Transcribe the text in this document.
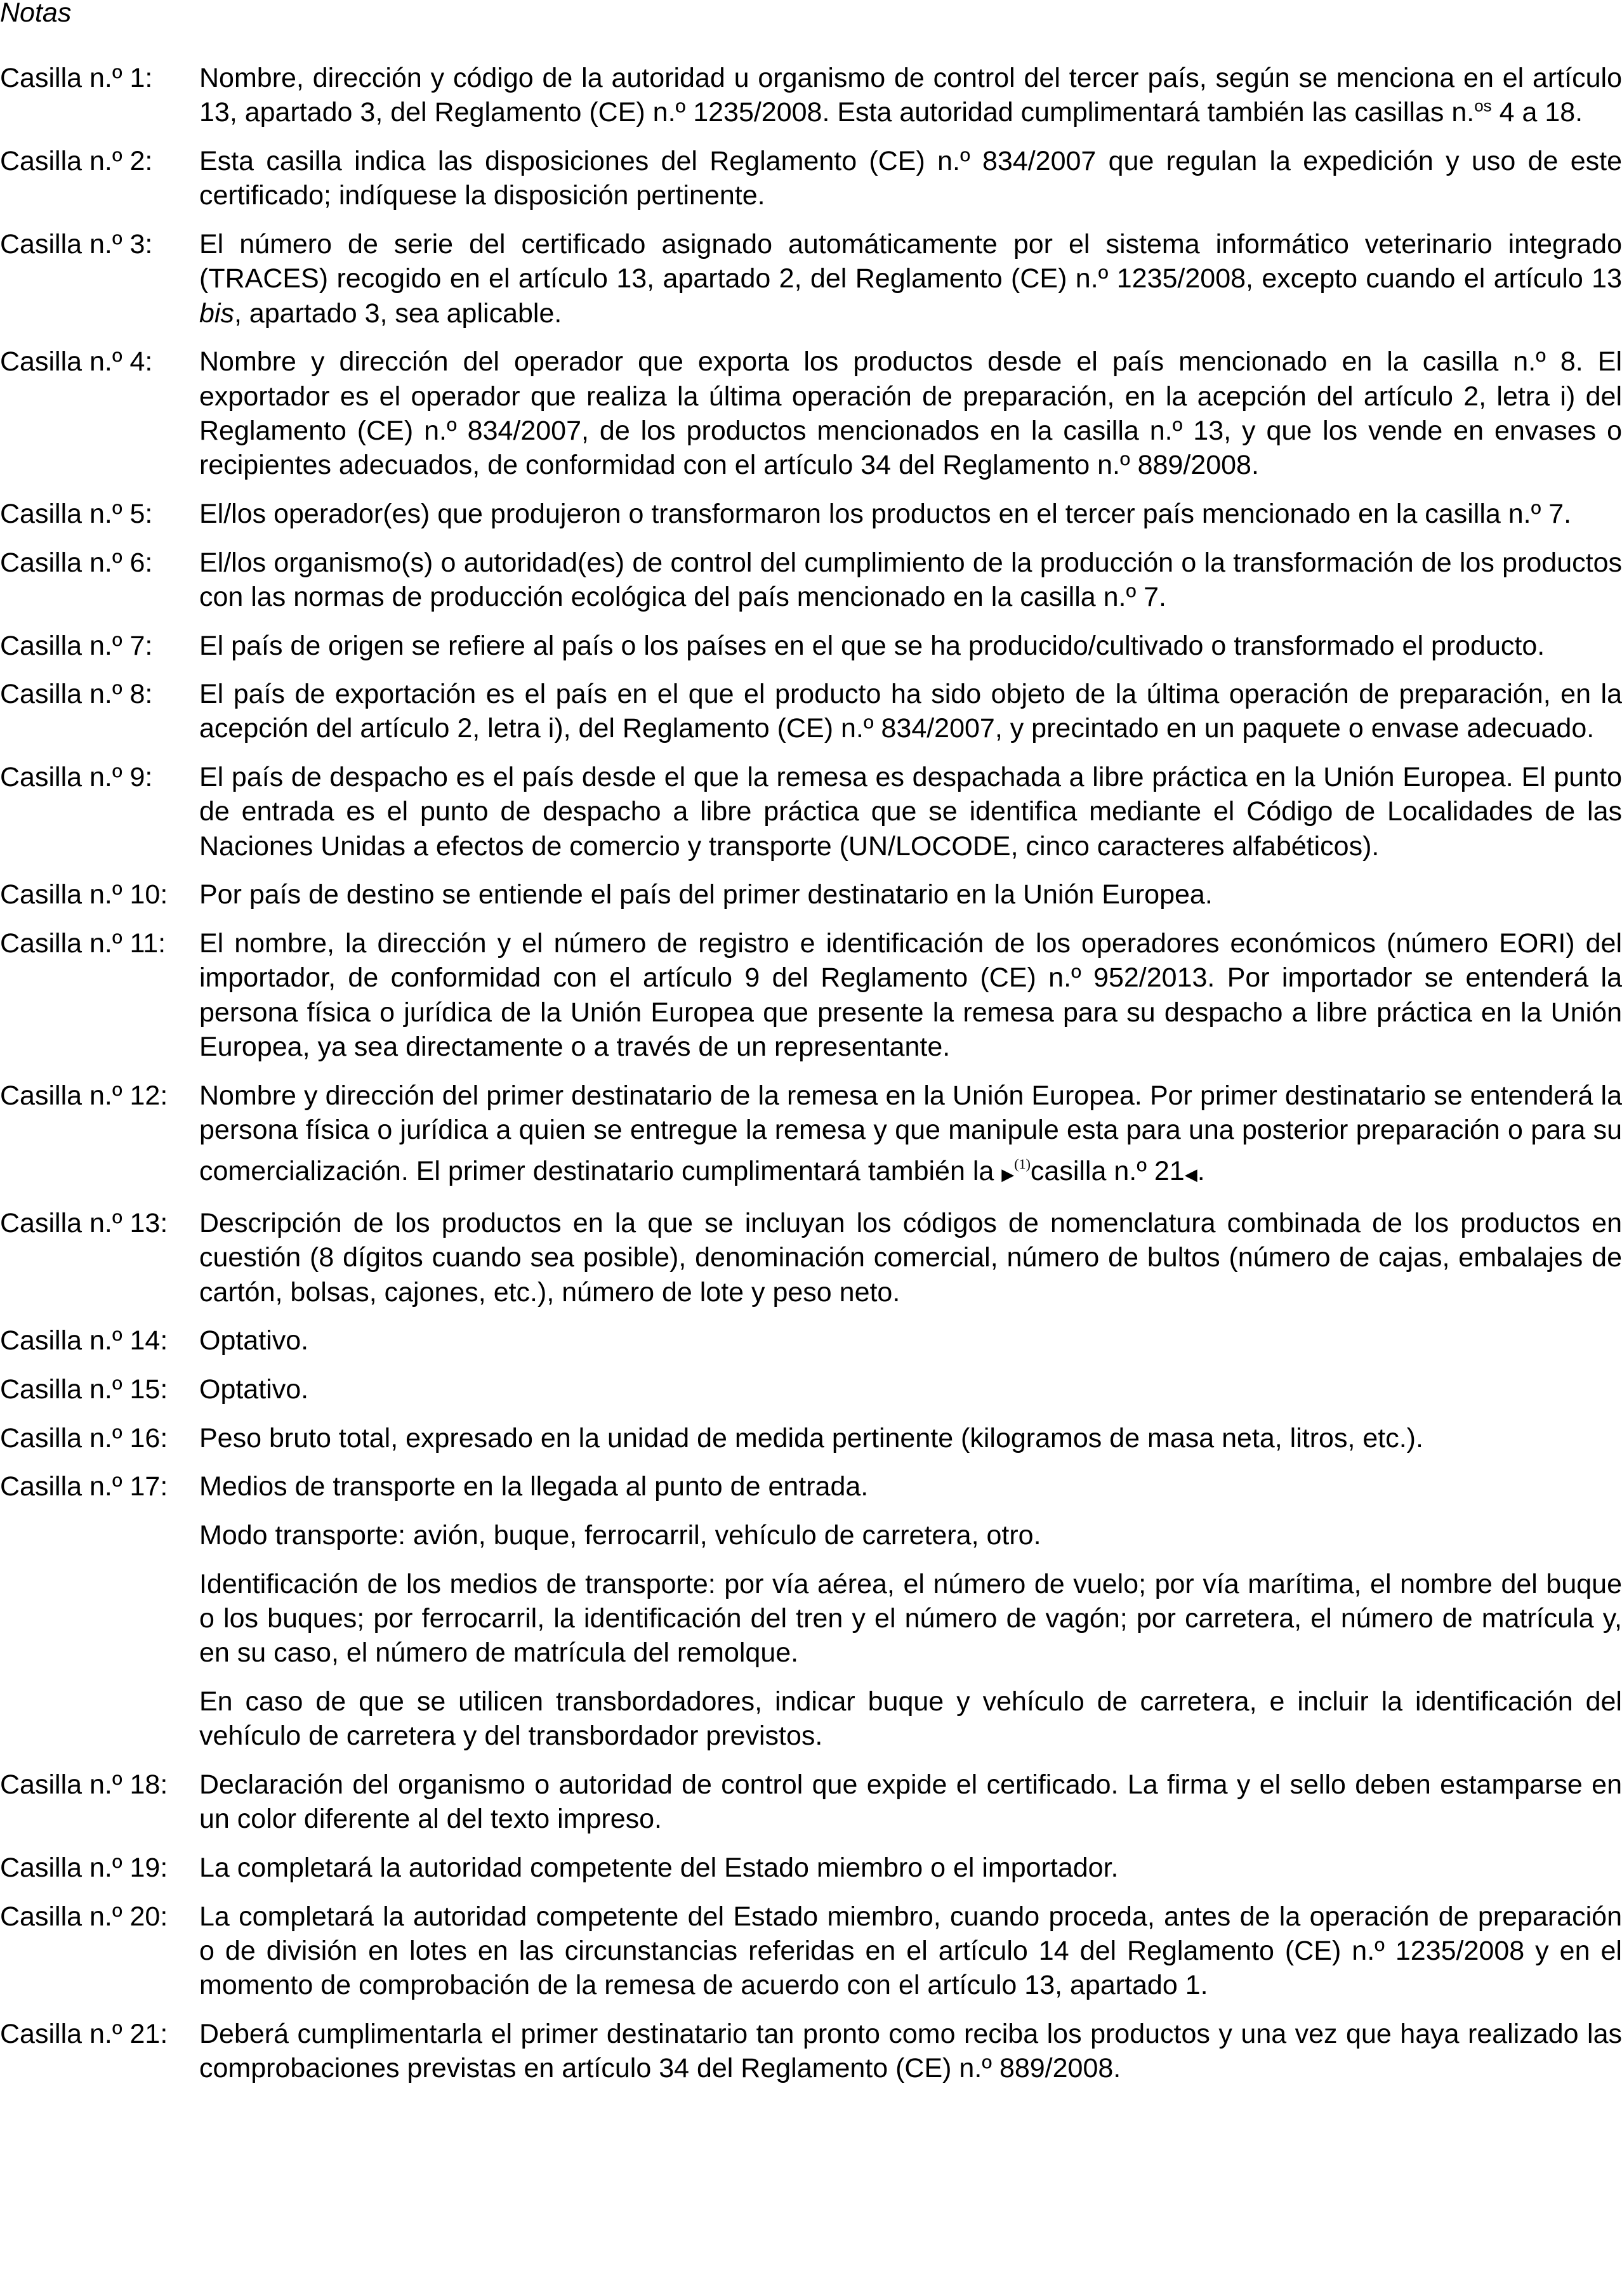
Notas
Casilla n.º 1:	Nombre, dirección y código de la autoridad u organismo de control del tercer país, según se menciona en el artículo 13, apartado 3, del Reglamento (CE) n.º 1235/2008. Esta autoridad cumplimentará también las casillas n.$^{os}$ 4 a 18.

Casilla n.º 2:	Esta casilla indica las disposiciones del Reglamento (CE) n.º 834/2007 que regulan la expedición y uso de este certificado; indíquese la disposición pertinente.

Casilla n.º 3:	El número de serie del certificado asignado automáticamente por el sistema informático veterinario integrado (TRACES) recogido en el artículo 13, apartado 2, del Reglamento (CE) n.º 1235/2008, excepto cuando el artículo 13 bis, apartado 3, sea aplicable.

Casilla n.º 4:	Nombre y dirección del operador que exporta los productos desde el país mencionado en la casilla n.º 8. El exportador es el operador que realiza la última operación de preparación, en la acepción del artículo 2, letra i) del Reglamento (CE) n.º 834/2007, de los productos mencionados en la casilla n.º 13, y que los vende en envases o recipientes adecuados, de conformidad con el artículo 34 del Reglamento n.º 889/2008.

Casilla n.º 5:	El/los operador(es) que produjeron o transformaron los productos en el tercer país mencionado en la casilla n.º 7.

Casilla n.º 6:	El/los organismo(s) o autoridad(es) de control del cumplimiento de la producción o la transformación de los productos con las normas de producción ecológica del país mencionado en la casilla n.º 7.

Casilla n.º 7:	El país de origen se refiere al país o los países en el que se ha producido/cultivado o transformado el producto.

Casilla n.º 8:	El país de exportación es el país en el que el producto ha sido objeto de la última operación de preparación, en la acepción del artículo 2, letra i), del Reglamento (CE) n.º 834/2007, y precintado en un paquete o envase adecuado.

Casilla n.º 9:	El país de despacho es el país desde el que la remesa es despachada a libre práctica en la Unión Europea. El punto de entrada es el punto de despacho a libre práctica que se identifica mediante el Código de Localidades de las Naciones Unidas a efectos de comercio y transporte (UN/LOCODE, cinco caracteres alfabéticos).

Casilla n.º 10:	Por país de destino se entiende el país del primer destinatario en la Unión Europea.

Casilla n.º 11:	El nombre, la dirección y el número de registro e identificación de los operadores económicos (número EORI) del importador, de conformidad con el artículo 9 del Reglamento (CE) n.º 952/2013. Por importador se entenderá la persona física o jurídica de la Unión Europea que presente la remesa para su despacho a libre práctica en la Unión Europea, ya sea directamente o a través de un representante.

Casilla n.º 12:	Nombre y dirección del primer destinatario de la remesa en la Unión Europea. Por primer destinatario se entenderá la persona física o jurídica a quien se entregue la remesa y que manipule esta para una posterior preparación o para su comercialización. El primer destinatario cumplimentará también la ▶$^{(1)}$casilla n.º 21◀.

Casilla n.º 13:	Descripción de los productos en la que se incluyan los códigos de nomenclatura combinada de los productos en cuestión (8 dígitos cuando sea posible), denominación comercial, número de bultos (número de cajas, embalajes de cartón, bolsas, cajones, etc.), número de lote y peso neto.

Casilla n.º 14:	Optativo.

Casilla n.º 15:	Optativo.

Casilla n.º 16:	Peso bruto total, expresado en la unidad de medida pertinente (kilogramos de masa neta, litros, etc.).

Casilla n.º 17:	Medios de transporte en la llegada al punto de entrada.

Modo transporte: avión, buque, ferrocarril, vehículo de carretera, otro.

Identificación de los medios de transporte: por vía aérea, el número de vuelo; por vía marítima, el nombre del buque o los buques; por ferrocarril, la identificación del tren y el número de vagón; por carretera, el número de matrícula y, en su caso, el número de matrícula del remolque.

En caso de que se utilicen transbordadores, indicar buque y vehículo de carretera, e incluir la identificación del vehículo de carretera y del transbordador previstos.

Casilla n.º 18:	Declaración del organismo o autoridad de control que expide el certificado. La firma y el sello deben estamparse en un color diferente al del texto impreso.

Casilla n.º 19:	La completará la autoridad competente del Estado miembro o el importador.

Casilla n.º 20:	La completará la autoridad competente del Estado miembro, cuando proceda, antes de la operación de preparación o de división en lotes en las circunstancias referidas en el artículo 14 del Reglamento (CE) n.º 1235/2008 y en el momento de comprobación de la remesa de acuerdo con el artículo 13, apartado 1.

Casilla n.º 21:	Deberá cumplimentarla el primer destinatario tan pronto como reciba los productos y una vez que haya realizado las comprobaciones previstas en artículo 34 del Reglamento (CE) n.º 889/2008.
